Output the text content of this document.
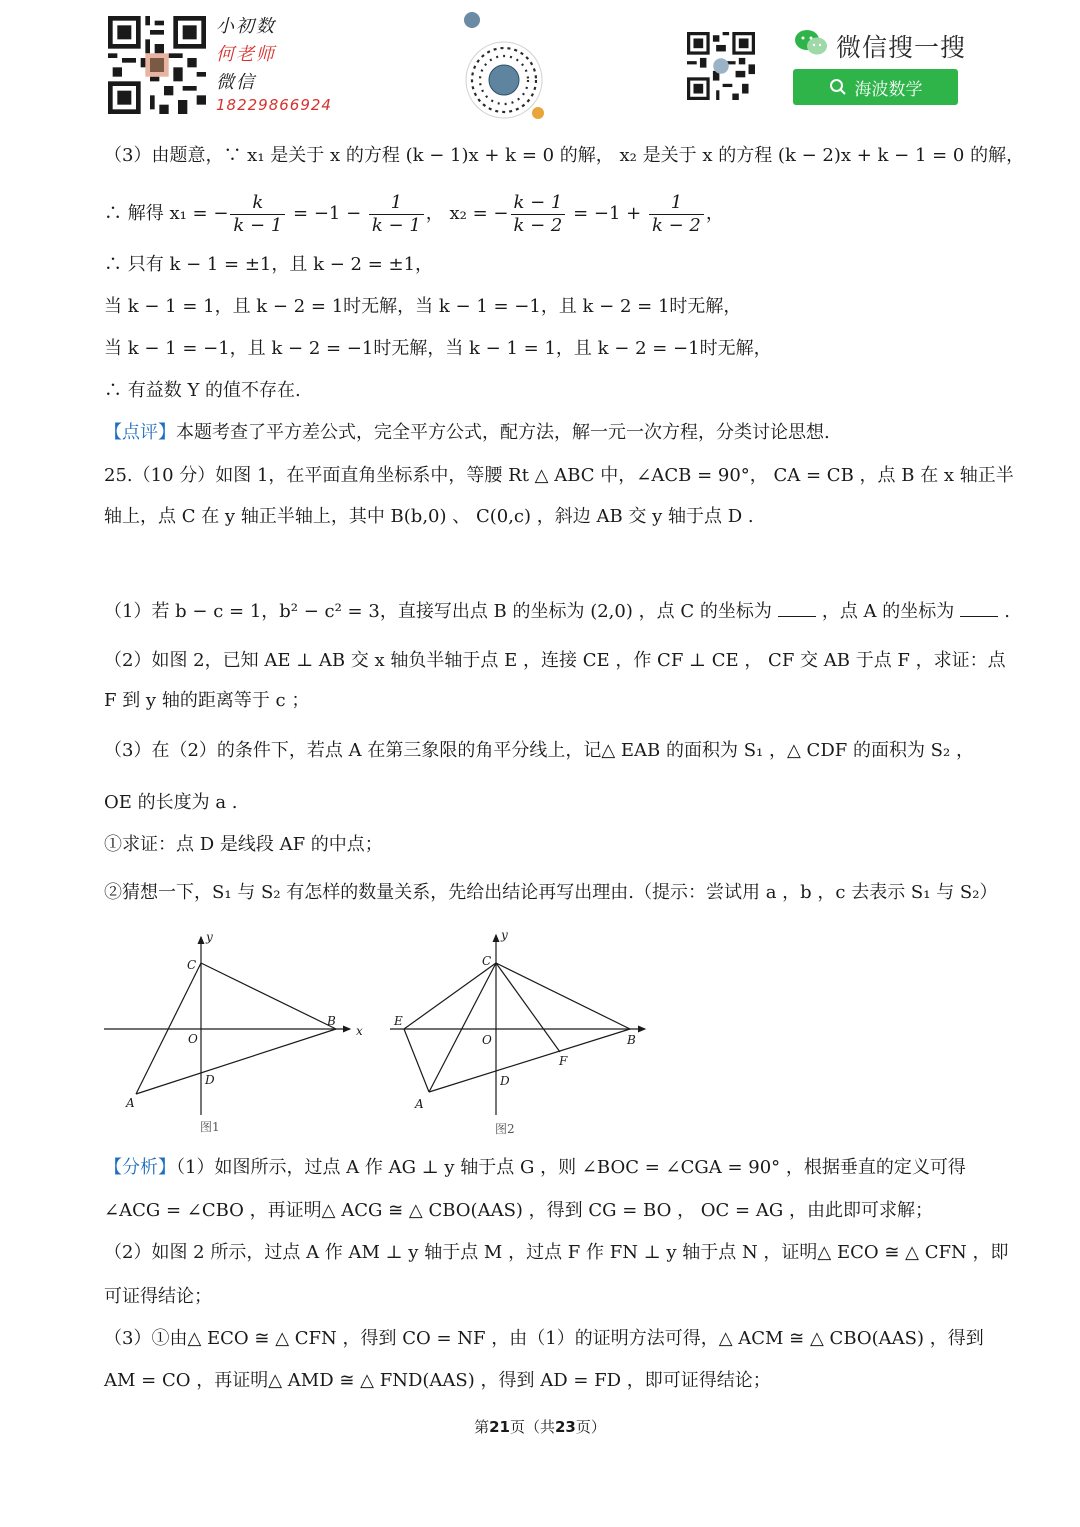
小初数
何老师
微信
18229866924
微信搜一搜
海波数学
（3）由题意，∵ x₁ 是关于 x 的方程 (k − 1)x + k = 0 的解， x₂ 是关于 x 的方程 (k − 2)x + k − 1 = 0 的解，
∴ 解得 x₁ = − $\frac{k}{k - 1} = -1 - \frac{1}{k - 1}$ ， x₂ = − $\frac{k - 1}{k - 2} = -1 + \frac{1}{k - 2}$ ，
∴ 只有 k − 1 = ±1，且 k − 2 = ±1，
当 k − 1 = 1，且 k − 2 = 1时无解，当 k − 1 = −1，且 k − 2 = 1时无解，
当 k − 1 = −1，且 k − 2 = −1时无解，当 k − 1 = 1，且 k − 2 = −1时无解，
∴ 有益数 Y 的值不存在.
【点评】本题考查了平方差公式，完全平方公式，配方法，解一元一次方程，分类讨论思想.
25.（10 分）如图 1，在平面直角坐标系中，等腰 Rt △ ABC 中，∠ACB = 90°， CA = CB ，点 B 在 x 轴正半
轴上，点 C 在 y 轴正半轴上，其中 B(b,0) 、 C(0,c) ，斜边 AB 交 y 轴于点 D .
（1）若 b − c = 1，b² − c² = 3，直接写出点 B 的坐标为 (2,0) ，点 C 的坐标为	，点 A 的坐标为	.
（2）如图 2，已知 AE ⊥ AB 交 x 轴负半轴于点 E ，连接 CE ，作 CF ⊥ CE ， CF 交 AB 于点 F ，求证：点
F 到 y 轴的距离等于 c ；
（3）在（2）的条件下，若点 A 在第三象限的角平分线上，记△ EAB 的面积为 S₁ ，△ CDF 的面积为 S₂ ，
OE 的长度为 a .
①求证：点 D 是线段 AF 的中点；
②猜想一下，S₁ 与 S₂ 有怎样的数量关系，先给出结论再写出理由.（提示：尝试用 a ，b ，c 去表示 S₁ 与 S₂）
y
C
O
B
x
D
A
图1
y
E
C
O
F
B
D
A
图2
【分析】（1）如图所示，过点 A 作 AG ⊥ y 轴于点 G ，则 ∠BOC = ∠CGA = 90° ，根据垂直的定义可得
∠ACG = ∠CBO ，再证明△ ACG ≅ △ CBO(AAS) ，得到 CG = BO ， OC = AG ，由此即可求解；
（2）如图 2 所示，过点 A 作 AM ⊥ y 轴于点 M ，过点 F 作 FN ⊥ y 轴于点 N ，证明△ ECO ≅ △ CFN ，即
可证得结论；
（3）①由△ ECO ≅ △ CFN ，得到 CO = NF ，由（1）的证明方法可得，△ ACM ≅ △ CBO(AAS) ，得到
AM = CO ，再证明△ AMD ≅ △ FND(AAS) ，得到 AD = FD ，即可证得结论；
第21页（共23页）
